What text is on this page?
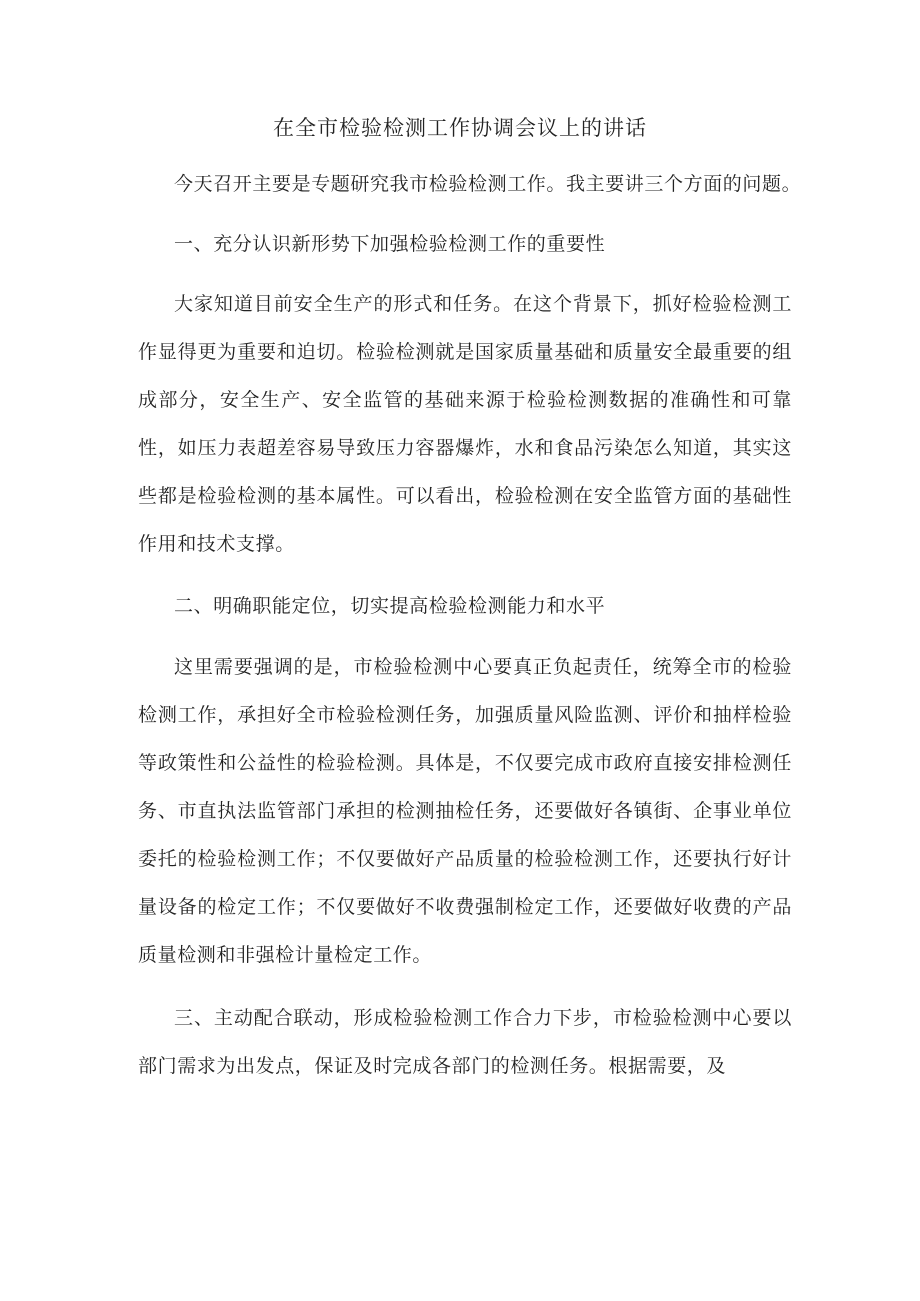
在全市检验检测工作协调会议上的讲话

今天召开主要是专题研究我市检验检测工作。我主要讲三个方面的问题。

一、充分认识新形势下加强检验检测工作的重要性

大家知道目前安全生产的形式和任务。在这个背景下，抓好检验检测工作显得更为重要和迫切。检验检测就是国家质量基础和质量安全最重要的组成部分，安全生产、安全监管的基础来源于检验检测数据的准确性和可靠性，如压力表超差容易导致压力容器爆炸，水和食品污染怎么知道，其实这些都是检验检测的基本属性。可以看出，检验检测在安全监管方面的基础性作用和技术支撑。

二、明确职能定位，切实提高检验检测能力和水平

这里需要强调的是，市检验检测中心要真正负起责任，统筹全市的检验检测工作，承担好全市检验检测任务，加强质量风险监测、评价和抽样检验等政策性和公益性的检验检测。具体是，不仅要完成市政府直接安排检测任务、市直执法监管部门承担的检测抽检任务，还要做好各镇街、企事业单位委托的检验检测工作；不仅要做好产品质量的检验检测工作，还要执行好计量设备的检定工作；不仅要做好不收费强制检定工作，还要做好收费的产品质量检测和非强检计量检定工作。

三、主动配合联动，形成检验检测工作合力下步，市检验检测中心要以部门需求为出发点，保证及时完成各部门的检测任务。根据需要，及
